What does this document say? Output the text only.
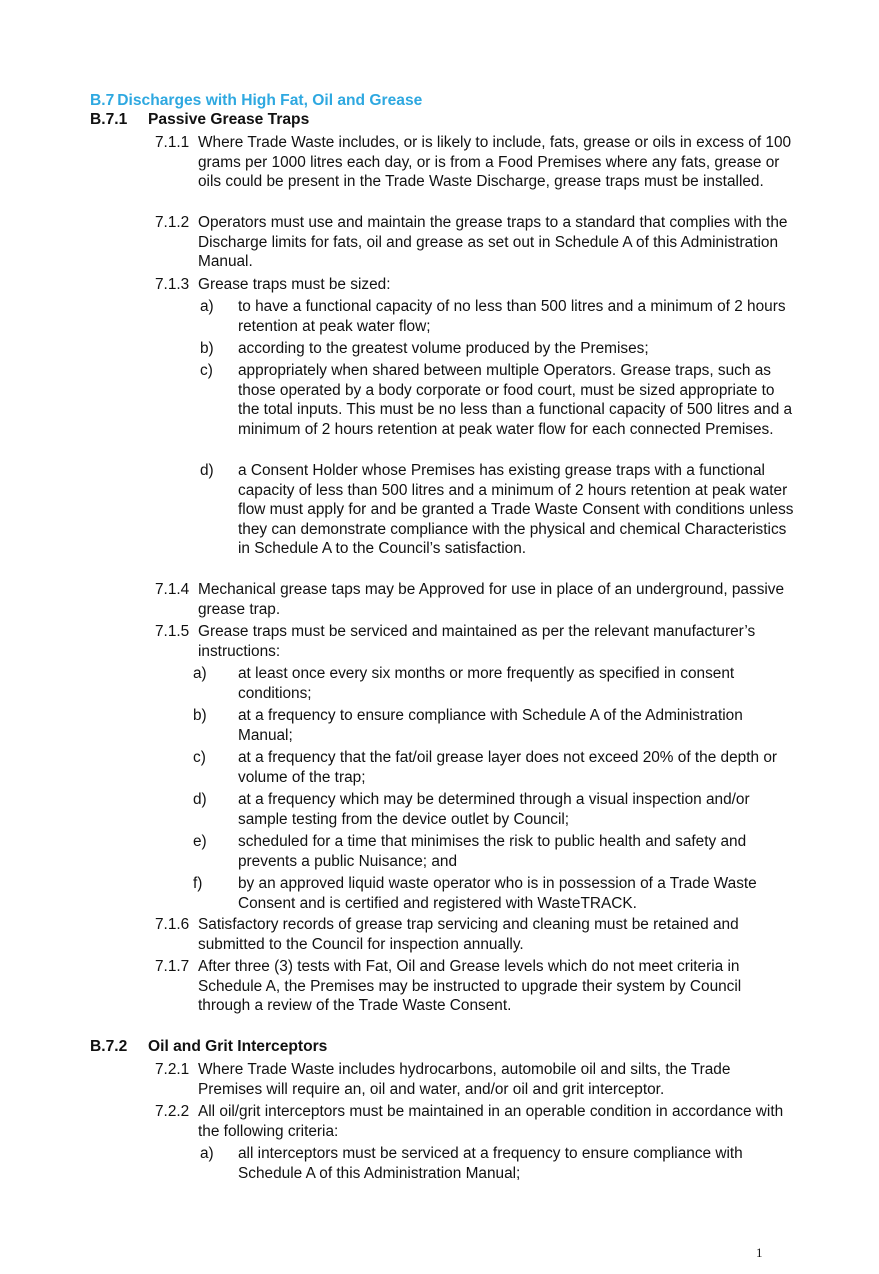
B.7 Discharges with High Fat, Oil and Grease
B.7.1 Passive Grease Traps
7.1.1 Where Trade Waste includes, or is likely to include, fats, grease or oils in excess of 100 grams per 1000 litres each day, or is from a Food Premises where any fats, grease or oils could be present in the Trade Waste Discharge, grease traps must be installed.
7.1.2 Operators must use and maintain the grease traps to a standard that complies with the Discharge limits for fats, oil and grease as set out in Schedule A of this Administration Manual.
7.1.3 Grease traps must be sized:
a) to have a functional capacity of no less than 500 litres and a minimum of 2 hours retention at peak water flow;
b) according to the greatest volume produced by the Premises;
c) appropriately when shared between multiple Operators. Grease traps, such as those operated by a body corporate or food court, must be sized appropriate to the total inputs. This must be no less than a functional capacity of 500 litres and a minimum of 2 hours retention at peak water flow for each connected Premises.
d) a Consent Holder whose Premises has existing grease traps with a functional capacity of less than 500 litres and a minimum of 2 hours retention at peak water flow must apply for and be granted a Trade Waste Consent with conditions unless they can demonstrate compliance with the physical and chemical Characteristics in Schedule A to the Council’s satisfaction.
7.1.4 Mechanical grease taps may be Approved for use in place of an underground, passive grease trap.
7.1.5 Grease traps must be serviced and maintained as per the relevant manufacturer’s instructions:
a) at least once every six months or more frequently as specified in consent conditions;
b) at a frequency to ensure compliance with Schedule A of the Administration Manual;
c) at a frequency that the fat/oil grease layer does not exceed 20% of the depth or volume of the trap;
d) at a frequency which may be determined through a visual inspection and/or sample testing from the device outlet by Council;
e) scheduled for a time that minimises the risk to public health and safety and prevents a public Nuisance; and
f) by an approved liquid waste operator who is in possession of a Trade Waste Consent and is certified and registered with WasteTRACK.
7.1.6 Satisfactory records of grease trap servicing and cleaning must be retained and submitted to the Council for inspection annually.
7.1.7 After three (3) tests with Fat, Oil and Grease levels which do not meet criteria in Schedule A, the Premises may be instructed to upgrade their system by Council through a review of the Trade Waste Consent.
B.7.2 Oil and Grit Interceptors
7.2.1 Where Trade Waste includes hydrocarbons, automobile oil and silts, the Trade Premises will require an, oil and water, and/or oil and grit interceptor.
7.2.2 All oil/grit interceptors must be maintained in an operable condition in accordance with the following criteria:
a) all interceptors must be serviced at a frequency to ensure compliance with Schedule A of this Administration Manual;
1
